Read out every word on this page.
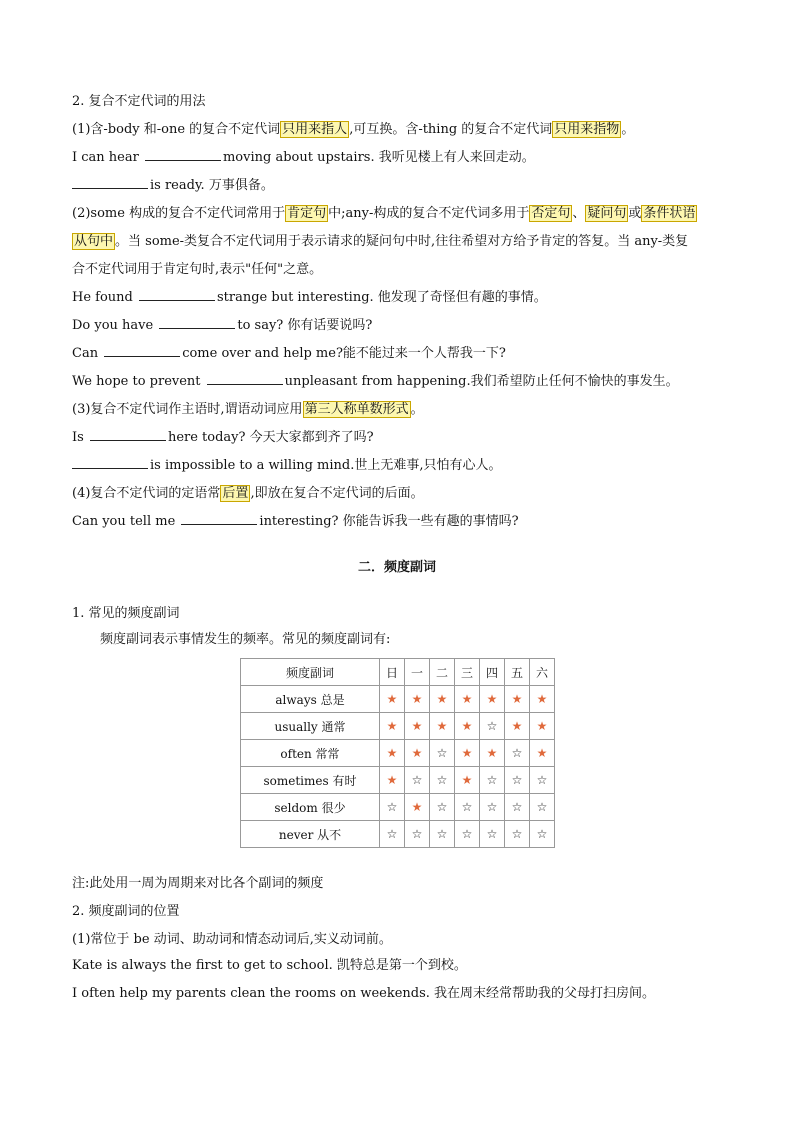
2. 复合不定代词的用法
(1)含-body 和-one 的复合不定代词 只用来指人 ,可互换。含-thing 的复合不定代词 只用来指物 。
I can hear	moving about upstairs. 我听见楼上有人来回走动。
is ready. 万事俱备。
(2)some 构成的复合不定代词常用于 肯定句 中;any-构成的复合不定代词多用于 否定句 、 疑问句 或 条件状语
从句中 。当 some-类复合不定代词用于表示请求的疑问句中时,往往希望对方给予肯定的答复。当 any-类复
合不定代词用于肯定句时,表示"任何"之意。
He found	strange but interesting. 他发现了奇怪但有趣的事情。
Do you have	to say? 你有话要说吗?
Can	come over and help me?能不能过来一个人帮我一下?
We hope to prevent	unpleasant from happening.我们希望防止任何不愉快的事发生。
(3)复合不定代词作主语时,谓语动词应用 第三人称单数形式 。
Is	here today? 今天大家都到齐了吗?
is impossible to a willing mind.世上无难事,只怕有心人。
(4)复合不定代词的定语常 后置 ,即放在复合不定代词的后面。
Can you tell me	interesting? 你能告诉我一些有趣的事情吗?
二．频度副词
1. 常见的频度副词
频度副词表示事情发生的频率。常见的频度副词有:
频度副词	日	一	二	三	四	五	六
always 总是	★	★	★	★	★	★	★
usually 通常	★	★	★	★	☆	★	★
often 常常	★	★	☆	★	★	☆	★
sometimes 有时	★	☆	☆	★	☆	☆	☆
seldom 很少	☆	★	☆	☆	☆	☆	☆
never 从不	☆	☆	☆	☆	☆	☆	☆
注:此处用一周为周期来对比各个副词的频度
2. 频度副词的位置
(1)常位于 be 动词、助动词和情态动词后,实义动词前。
Kate is always the first to get to school. 凯特总是第一个到校。
I often help my parents clean the rooms on weekends. 我在周末经常帮助我的父母打扫房间。
